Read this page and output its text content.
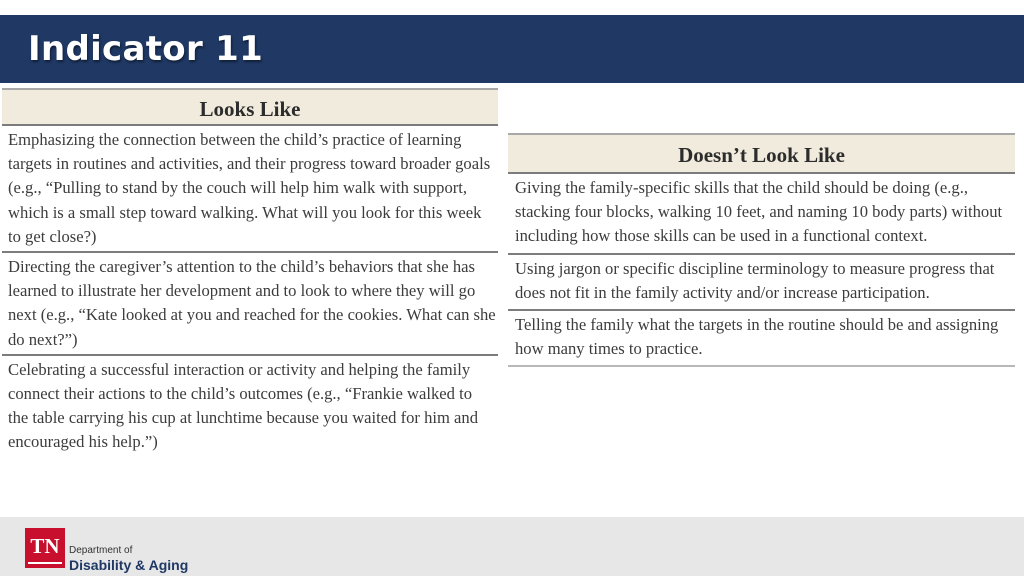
Indicator 11
Looks Like
Emphasizing the connection between the child’s practice of learning targets in routines and activities, and their progress toward broader goals (e.g., “Pulling to stand by the couch will help him walk with support, which is a small step toward walking. What will you look for this week to get close?)
Directing the caregiver’s attention to the child’s behaviors that she has learned to illustrate her development and to look to where they will go next (e.g., “Kate looked at you and reached for the cookies. What can she do next?”)
Celebrating a successful interaction or activity and helping the family connect their actions to the child’s outcomes (e.g., “Frankie walked to the table carrying his cup at lunchtime because you waited for him and encouraged his help.”)
Doesn’t Look Like
Giving the family-specific skills that the child should be doing (e.g., stacking four blocks, walking 10 feet, and naming 10 body parts) without including how those skills can be used in a functional context.
Using jargon or specific discipline terminology to measure progress that does not fit in the family activity and/or increase participation.
Telling the family what the targets in the routine should be and assigning how many times to practice.
TN Department of
Disability & Aging
